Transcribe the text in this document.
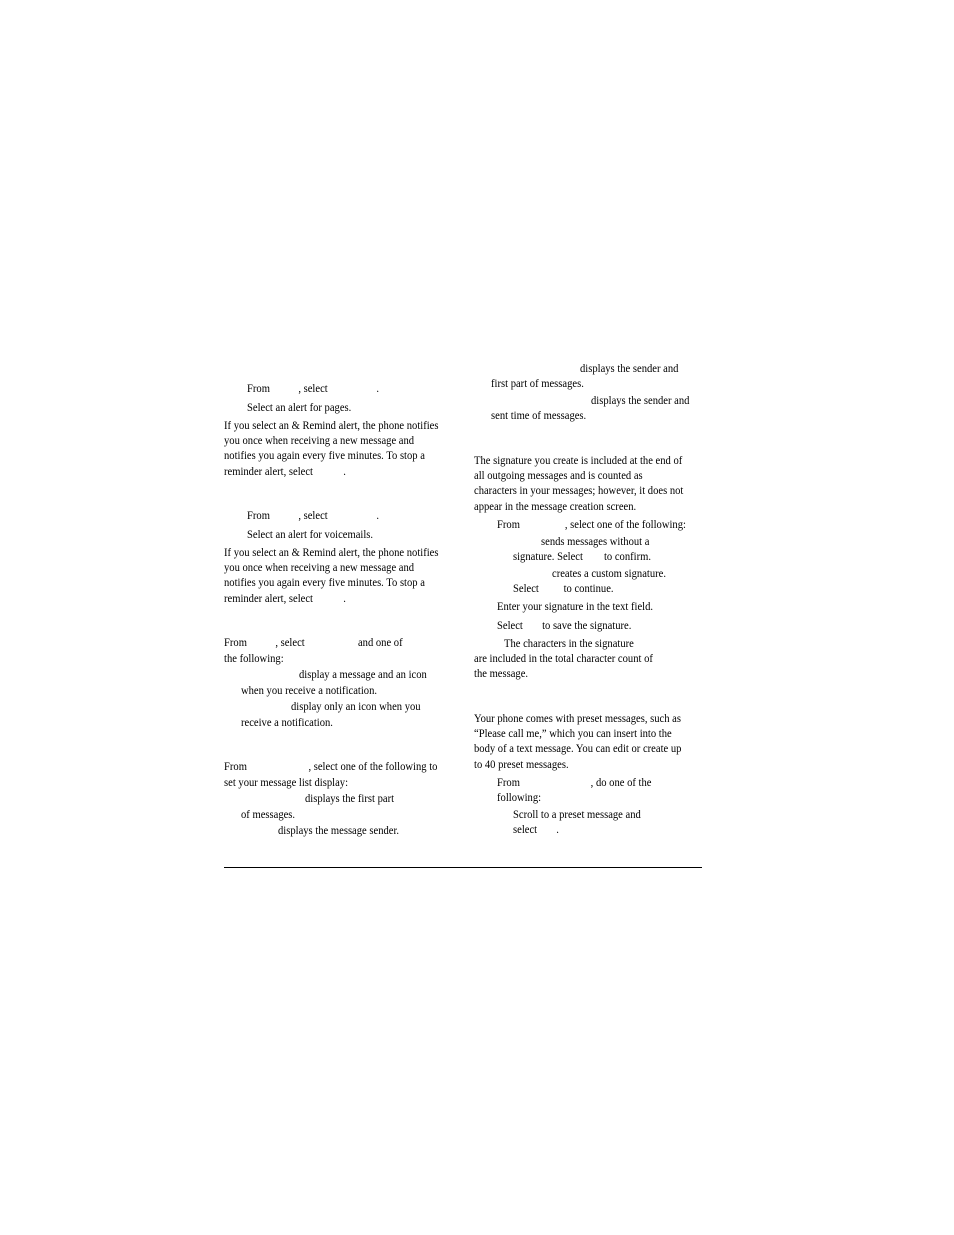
From , select	.
Select an alert for pages.
If you select an & Remind alert, the phone notifies
you once when receiving a new message and
notifies you again every five minutes. To stop a
reminder alert, select	.
From , select	.
Select an alert for voicemails.
If you select an & Remind alert, the phone notifies
you once when receiving a new message and
notifies you again every five minutes. To stop a
reminder alert, select	.
From , select	and one of
the following:
display a message and an icon
when you receive a notification.
display only an icon when you
receive a notification.
From	, select one of the following to
set your message list display:
displays the first part
of messages.
displays the message sender.
displays the sender and
first part of messages.
displays the sender and
sent time of messages.
The signature you create is included at the end of
all outgoing messages and is counted as
characters in your messages; however, it does not
appear in the message creation screen.
From	, select one of the following:
sends messages without a
signature. Select to confirm.
creates a custom signature.
Select to continue.
Enter your signature in the text field.
Select to save the signature.
The characters in the signature
are included in the total character count of
the message.
Your phone comes with preset messages, such as
“Please call me,” which you can insert into the
body of a text message. You can edit or create up
to 40 preset messages.
From	, do one of the
following:
Scroll to a preset message and
select .
